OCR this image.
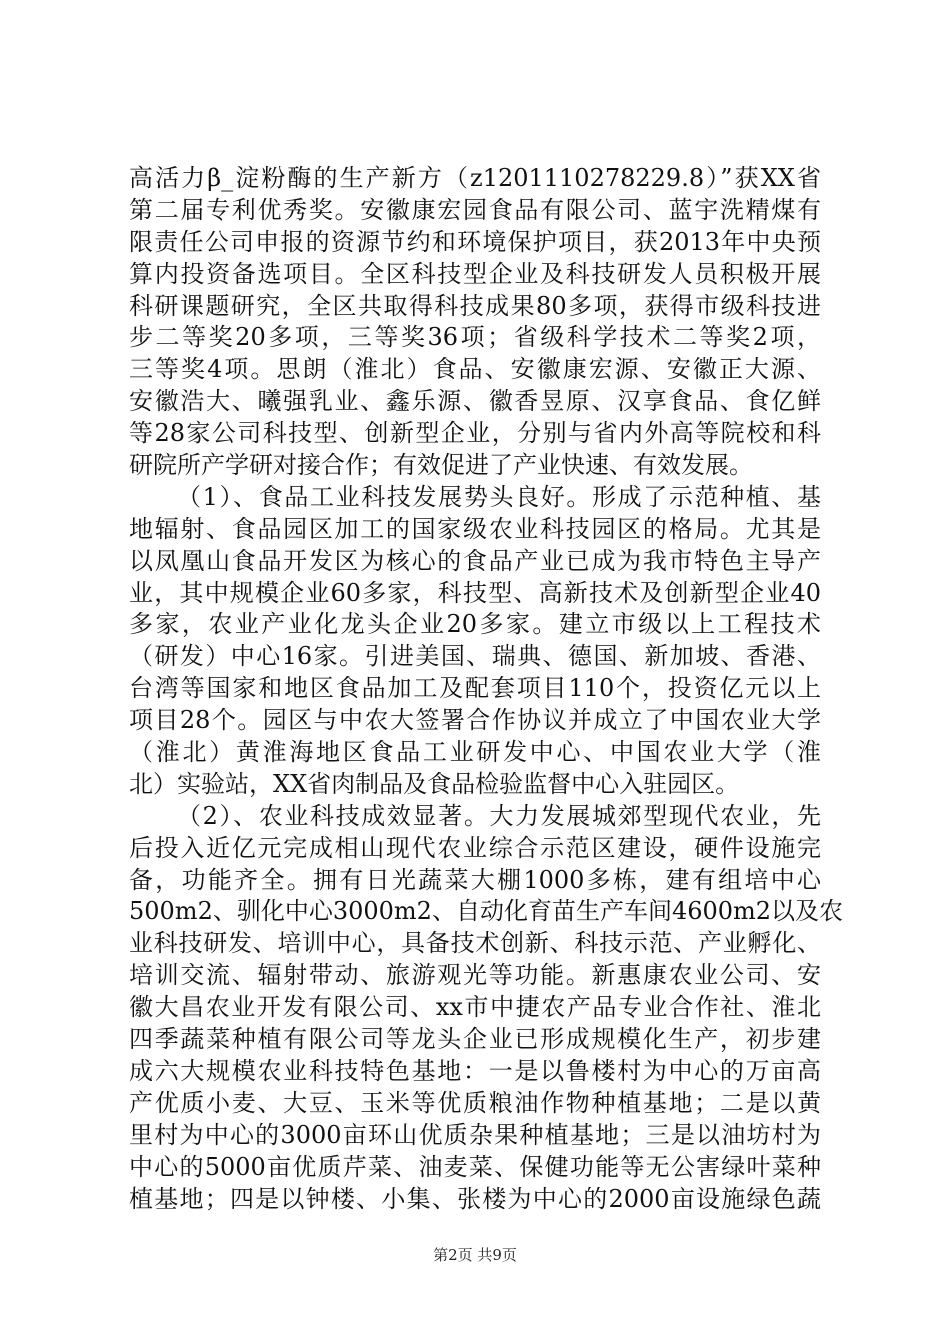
高活力β_淀粉酶的生产新方（z1201110278229.8）”获XX省
第二届专利优秀奖。安徽康宏园食品有限公司、蓝宇洗精煤有
限责任公司申报的资源节约和环境保护项目，获2013年中央预
算内投资备选项目。全区科技型企业及科技研发人员积极开展
科研课题研究，全区共取得科技成果80多项，获得市级科技进
步二等奖20多项，三等奖36项；省级科学技术二等奖2项，
三等奖4项。思朗（淮北）食品、安徽康宏源、安徽正大源、
安徽浩大、曦强乳业、鑫乐源、徽香昱原、汉享食品、食亿鲜
等28家公司科技型、创新型企业，分别与省内外高等院校和科
研院所产学研对接合作；有效促进了产业快速、有效发展。
（1）、食品工业科技发展势头良好。形成了示范种植、基
地辐射、食品园区加工的国家级农业科技园区的格局。尤其是
以凤凰山食品开发区为核心的食品产业已成为我市特色主导产
业，其中规模企业60多家，科技型、高新技术及创新型企业40
多家，农业产业化龙头企业20多家。建立市级以上工程技术
（研发）中心16家。引进美国、瑞典、德国、新加坡、香港、
台湾等国家和地区食品加工及配套项目110个，投资亿元以上
项目28个。园区与中农大签署合作协议并成立了中国农业大学
（淮北）黄淮海地区食品工业研发中心、中国农业大学（淮
北）实验站，XX省肉制品及食品检验监督中心入驻园区。
（2）、农业科技成效显著。大力发展城郊型现代农业，先
后投入近亿元完成相山现代农业综合示范区建设，硬件设施完
备，功能齐全。拥有日光蔬菜大棚1000多栋，建有组培中心
500m2、驯化中心3000m2、自动化育苗生产车间4600m2以及农
业科技研发、培训中心，具备技术创新、科技示范、产业孵化、
培训交流、辐射带动、旅游观光等功能。新惠康农业公司、安
徽大昌农业开发有限公司、xx市中捷农产品专业合作社、淮北
四季蔬菜种植有限公司等龙头企业已形成规模化生产，初步建
成六大规模农业科技特色基地：一是以鲁楼村为中心的万亩高
产优质小麦、大豆、玉米等优质粮油作物种植基地；二是以黄
里村为中心的3000亩环山优质杂果种植基地；三是以油坊村为
中心的5000亩优质芹菜、油麦菜、保健功能等无公害绿叶菜种
植基地；四是以钟楼、小集、张楼为中心的2000亩设施绿色蔬
第2页 共9页
